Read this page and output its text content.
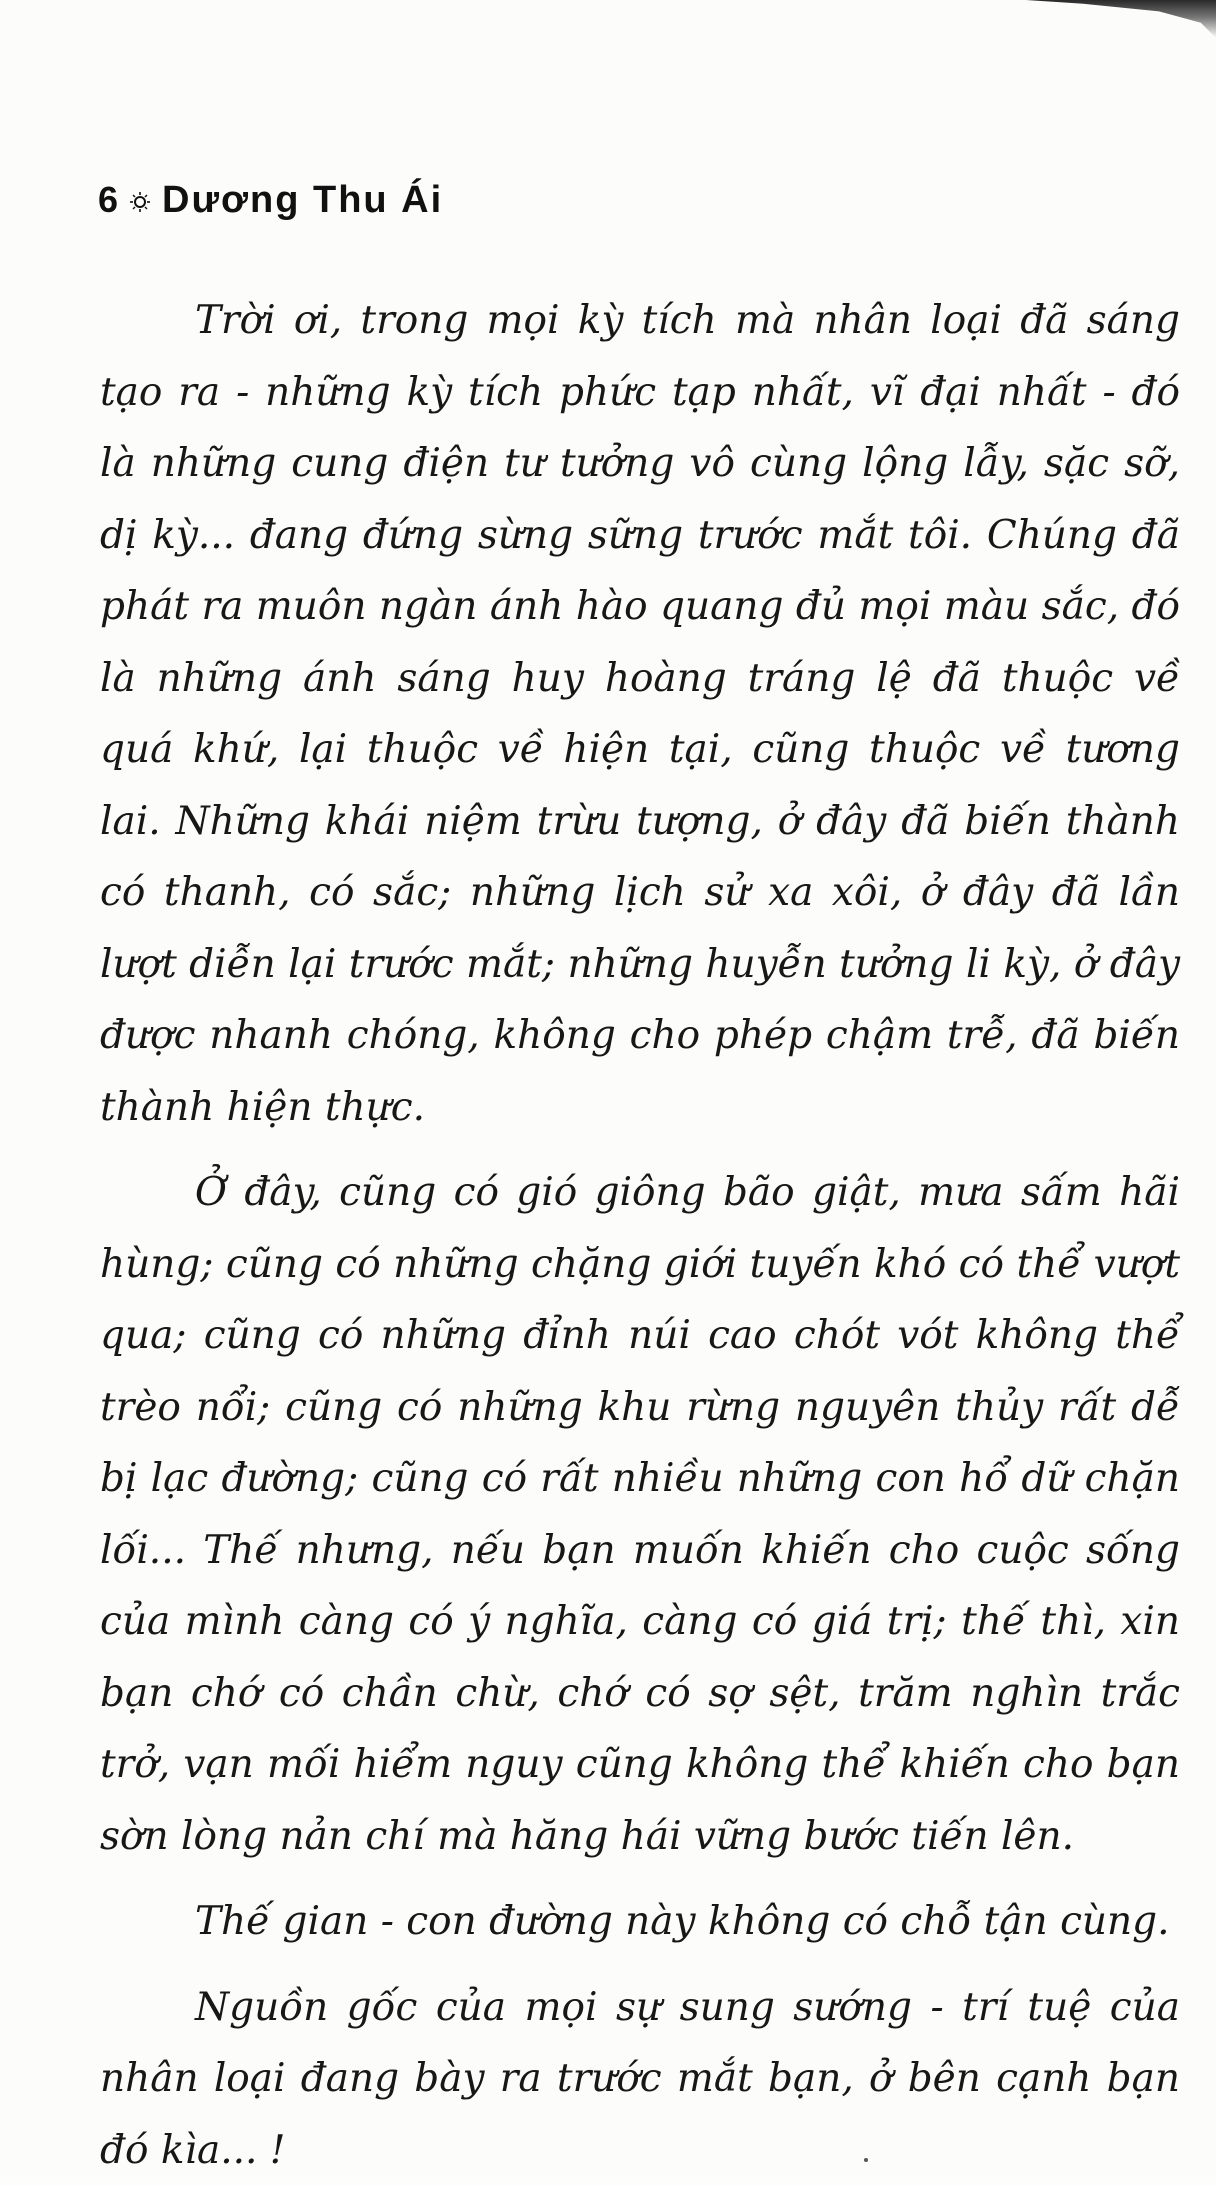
6 Dương Thu Ái

Trời ơi, trong mọi kỳ tích mà nhân loại đã sáng tạo ra - những kỳ tích phức tạp nhất, vĩ đại nhất - đó là những cung điện tư tưởng vô cùng lộng lẫy, sặc sỡ, dị kỳ... đang đứng sừng sững trước mắt tôi. Chúng đã phát ra muôn ngàn ánh hào quang đủ mọi màu sắc, đó là những ánh sáng huy hoàng tráng lệ đã thuộc về quá khứ, lại thuộc về hiện tại, cũng thuộc về tương lai. Những khái niệm trừu tượng, ở đây đã biến thành có thanh, có sắc; những lịch sử xa xôi, ở đây đã lần lượt diễn lại trước mắt; những huyễn tưởng li kỳ, ở đây được nhanh chóng, không cho phép chậm trễ, đã biến thành hiện thực.

Ở đây, cũng có gió giông bão giật, mưa sấm hãi hùng; cũng có những chặng giới tuyến khó có thể vượt qua; cũng có những đỉnh núi cao chót vót không thể trèo nổi; cũng có những khu rừng nguyên thủy rất dễ bị lạc đường; cũng có rất nhiều những con hổ dữ chặn lối... Thế nhưng, nếu bạn muốn khiến cho cuộc sống của mình càng có ý nghĩa, càng có giá trị; thế thì, xin bạn chớ có chần chừ, chớ có sợ sệt, trăm nghìn trắc trở, vạn mối hiểm nguy cũng không thể khiến cho bạn sờn lòng nản chí mà hăng hái vững bước tiến lên.

Thế gian - con đường này không có chỗ tận cùng.

Nguồn gốc của mọi sự sung sướng - trí tuệ của nhân loại đang bày ra trước mắt bạn, ở bên cạnh bạn đó kìa... !
